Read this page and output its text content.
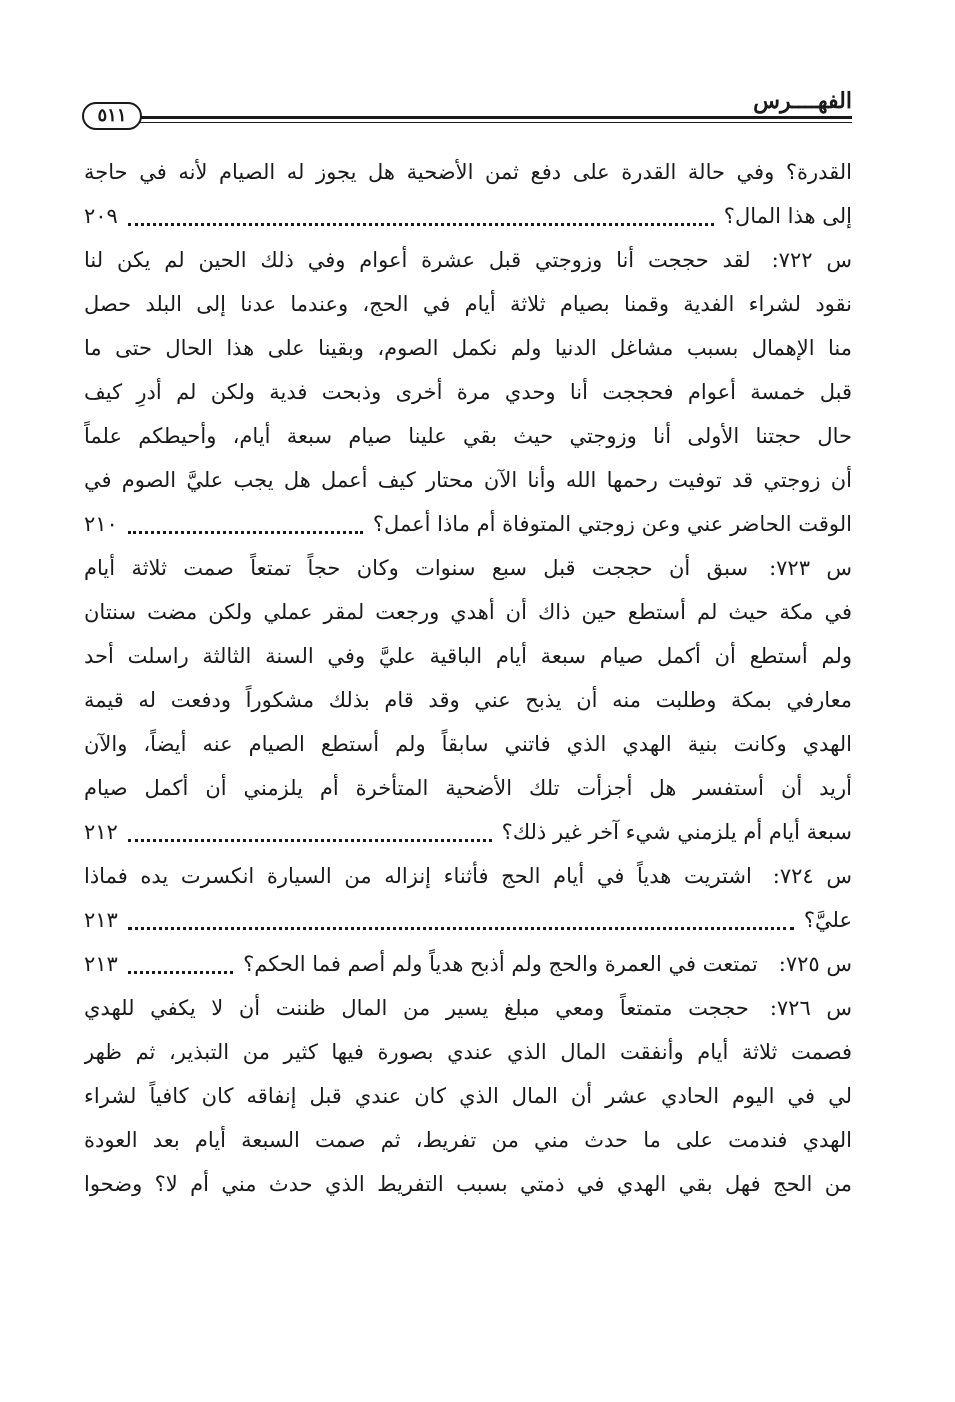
الفهــــرس
٥١١
القدرة؟ وفي حالة القدرة على دفع ثمن الأضحية هل يجوز له الصيام لأنه في حاجة
إلى هذا المال؟
٢٠٩
س ٧٢٢: لقد حججت أنا وزوجتي قبل عشرة أعوام وفي ذلك الحين لم يكن لنا
نقود لشراء الفدية وقمنا بصيام ثلاثة أيام في الحج، وعندما عدنا إلى البلد حصل
منا الإهمال بسبب مشاغل الدنيا ولم نكمل الصوم، وبقينا على هذا الحال حتى ما
قبل خمسة أعوام فحججت أنا وحدي مرة أخرى وذبحت فدية ولكن لم أدرِ كيف
حال حجتنا الأولى أنا وزوجتي حيث بقي علينا صيام سبعة أيام، وأحيطكم علماً
أن زوجتي قد توفيت رحمها الله وأنا الآن محتار كيف أعمل هل يجب عليَّ الصوم في
الوقت الحاضر عني وعن زوجتي المتوفاة أم ماذا أعمل؟
٢١٠
س ٧٢٣: سبق أن حججت قبل سبع سنوات وكان حجاً تمتعاً صمت ثلاثة أيام
في مكة حيث لم أستطع حين ذاك أن أهدي ورجعت لمقر عملي ولكن مضت سنتان
ولم أستطع أن أكمل صيام سبعة أيام الباقية عليَّ وفي السنة الثالثة راسلت أحد
معارفي بمكة وطلبت منه أن يذبح عني وقد قام بذلك مشكوراً ودفعت له قيمة
الهدي وكانت بنية الهدي الذي فاتني سابقاً ولم أستطع الصيام عنه أيضاً، والآن
أريد أن أستفسر هل أجزأت تلك الأضحية المتأخرة أم يلزمني أن أكمل صيام
سبعة أيام أم يلزمني شيء آخر غير ذلك؟
٢١٢
س ٧٢٤: اشتريت هدياً في أيام الحج فأثناء إنزاله من السيارة انكسرت يده فماذا
عليَّ؟
٢١٣
س ٧٢٥: تمتعت في العمرة والحج ولم أذبح هدياً ولم أصم فما الحكم؟
٢١٣
س ٧٢٦: حججت متمتعاً ومعي مبلغ يسير من المال ظننت أن لا يكفي للهدي
فصمت ثلاثة أيام وأنفقت المال الذي عندي بصورة فيها كثير من التبذير، ثم ظهر
لي في اليوم الحادي عشر أن المال الذي كان عندي قبل إنفاقه كان كافياً لشراء
الهدي فندمت على ما حدث مني من تفريط، ثم صمت السبعة أيام بعد العودة
من الحج فهل بقي الهدي في ذمتي بسبب التفريط الذي حدث مني أم لا؟ وضحوا
